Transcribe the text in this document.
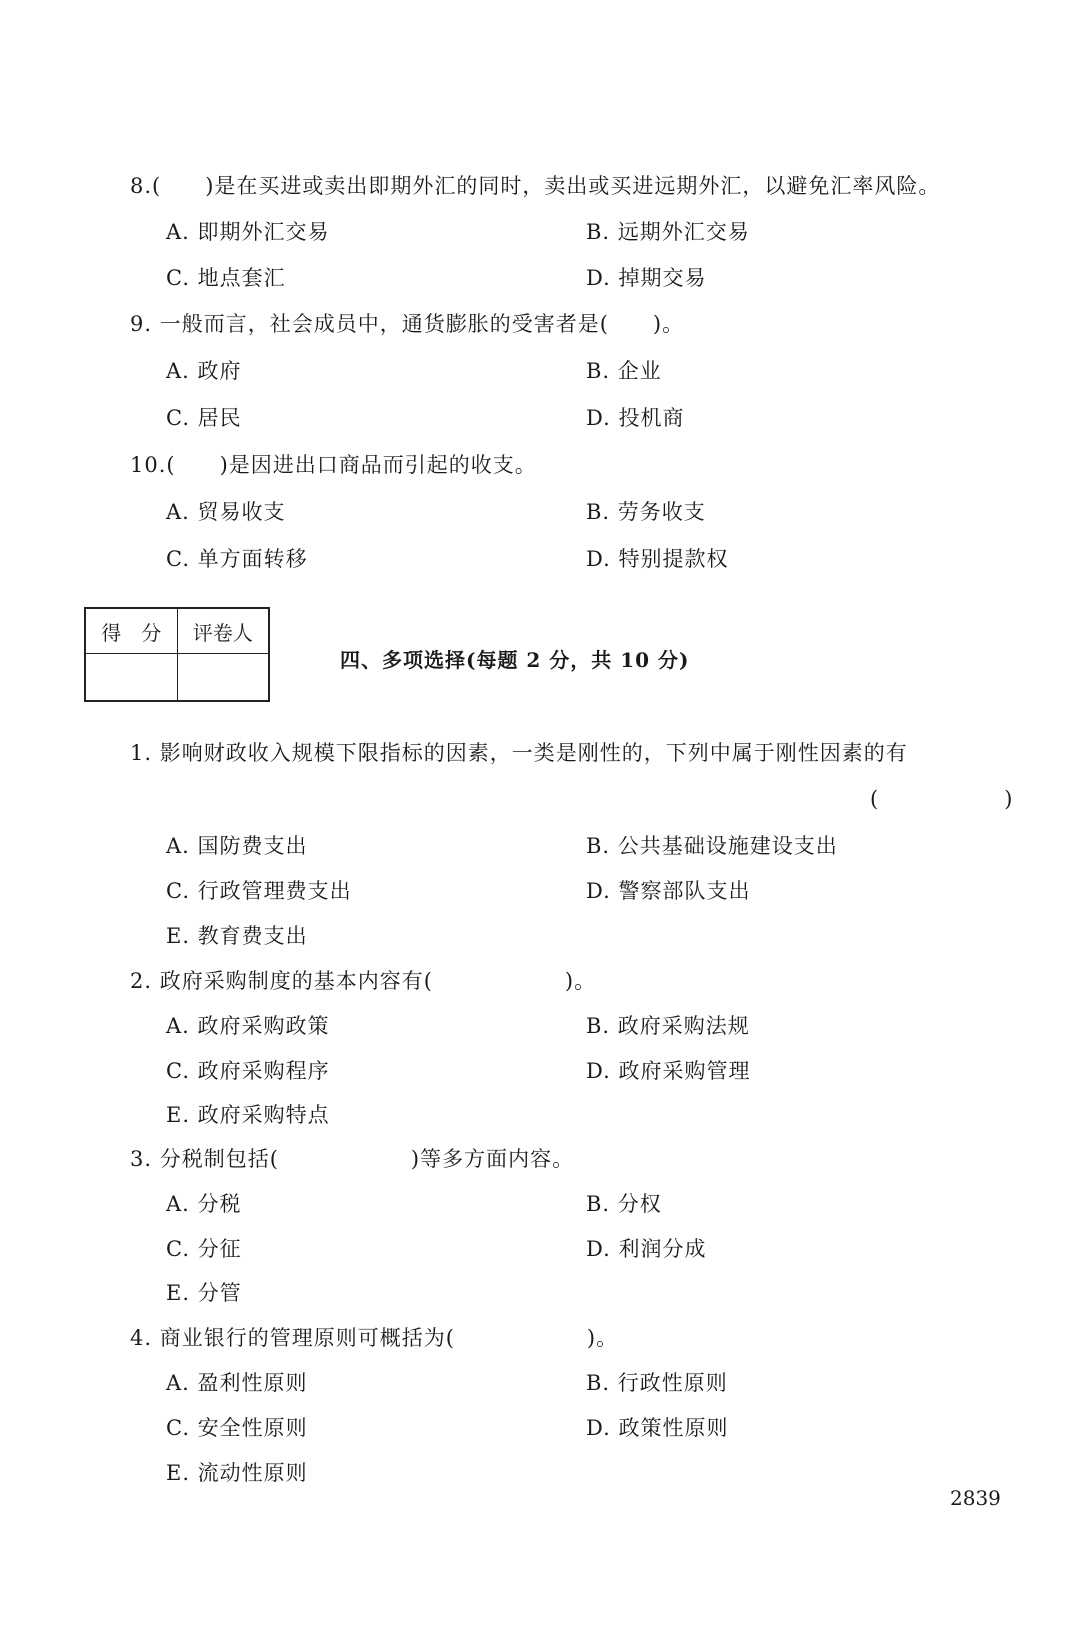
8.(　　)是在买进或卖出即期外汇的同时，卖出或买进远期外汇，以避免汇率风险。
A. 即期外汇交易	B. 远期外汇交易
C. 地点套汇	D. 掉期交易
9. 一般而言，社会成员中，通货膨胀的受害者是(　　)。
A. 政府	B. 企业
C. 居民	D. 投机商
10.(　　)是因进出口商品而引起的收支。
A. 贸易收支	B. 劳务收支
C. 单方面转移	D. 特别提款权
得　分	评卷人

四、多项选择(每题 2 分，共 10 分)
1. 影响财政收入规模下限指标的因素，一类是刚性的，下列中属于刚性因素的有
(　　　　　　)
A. 国防费支出	B. 公共基础设施建设支出
C. 行政管理费支出	D. 警察部队支出
E. 教育费支出
2. 政府采购制度的基本内容有(　　　　　　)。
A. 政府采购政策	B. 政府采购法规
C. 政府采购程序	D. 政府采购管理
E. 政府采购特点
3. 分税制包括(　　　　　　)等多方面内容。
A. 分税	B. 分权
C. 分征	D. 利润分成
E. 分管
4. 商业银行的管理原则可概括为(　　　　　　)。
A. 盈利性原则	B. 行政性原则
C. 安全性原则	D. 政策性原则
E. 流动性原则
2839
